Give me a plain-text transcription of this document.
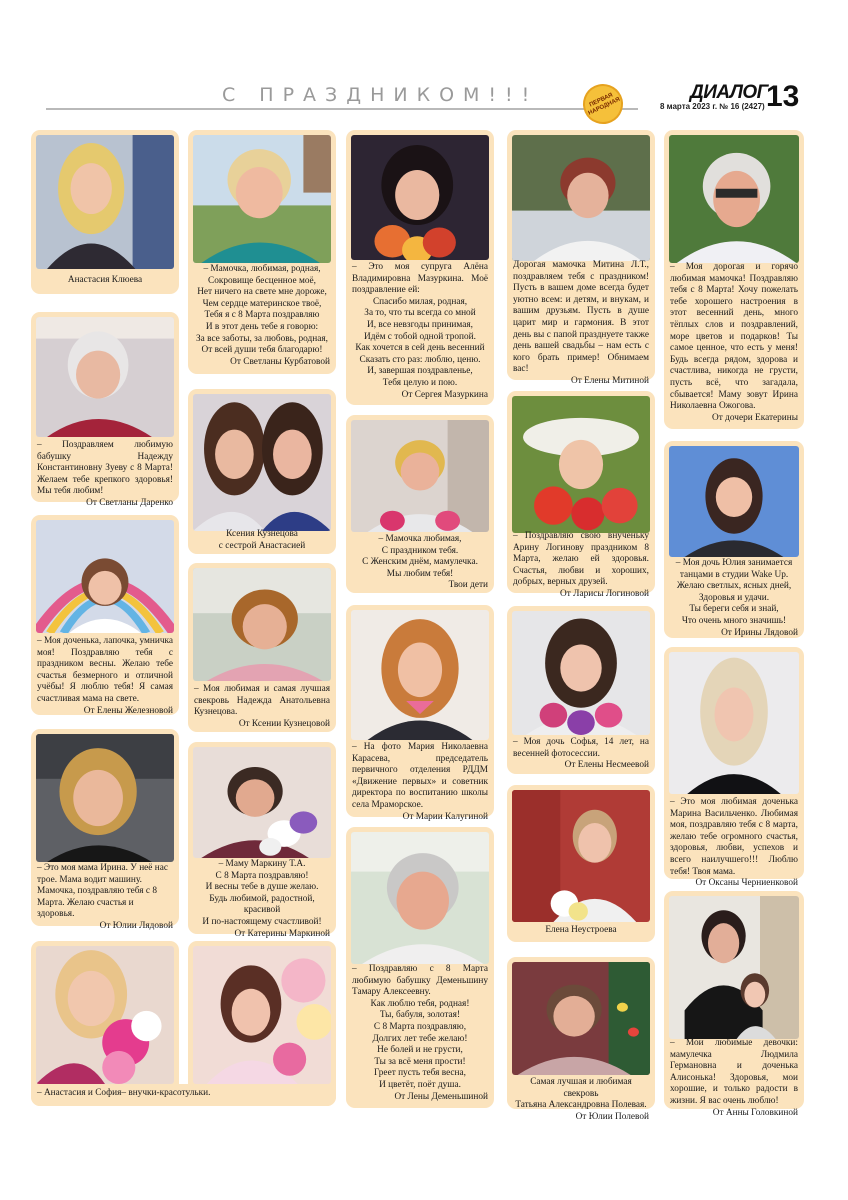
С ПРАЗДНИКОМ!!!	ПЕРВАЯ НАРОДНАЯ
ДИАЛОГ
8 марта 2023 г. № 16 (2427) 13

Анастасия Клюева

– Поздравляем любимую бабушку Надежду Константиновну Зуеву с 8 Марта! Желаем тебе крепкого здоровья! Мы тебя любим!

От Светланы Даренко

– Моя доченька, лапочка, умничка моя! Поздравляю тебя с праздником весны. Желаю тебе счастья безмерного и отличной учёбы! Я люблю тебя! Я самая счастливая мама на свете.

От Елены Железновой

– Это моя мама Ирина. У неё нас трое. Мама водит машину. Мамочка, поздравляю тебя с 8 Марта. Желаю счастья и здоровья.

От Юлии Лядовой

– Мамочка, любимая, родная,
Сокровище бесценное моё,
Нет ничего на свете мне дороже,
Чем сердце материнское твоё,
Тебя я с 8 Марта поздравляю
И в этот день тебе я говорю:
За все заботы, за любовь, родная,
От всей души тебя благодарю!

От Светланы Курбатовой

Ксения Кузнецова
с сестрой Анастасией

– Моя любимая и самая лучшая свекровь Надежда Анатольевна Кузнецова.

От Ксении Кузнецовой

– Маму Маркину Т.А.
С 8 Марта поздравляю!
И весны тебе в душе желаю.
Будь любимой, радостной, красивой
И по-настоящему счастливой!

От Катерины Маркиной

– Это моя супруга Алёна Владимировна Мазуркина. Моё поздравление ей:

Спасибо милая, родная,
За то, что ты всегда со мной
И, все невзгоды принимая,
Идём с тобой одной тропой.
Как хочется в сей день весенний
Сказать сто раз: люблю, ценю.
И, завершая поздравленье,
Тебя целую и пою.

От Сергея Мазуркина

– Мамочка любимая,
С праздником тебя.
С Женским днём, мамулечка.
Мы любим тебя!

Твои дети

– На фото Мария Николаевна Карасева, председатель первичного отделения РДДМ «Движение первых» и советник директора по воспитанию школы села Мраморское.

От Марии Калугиной

– Поздравляю с 8 Марта любимую бабушку Деменьшину Тамару Алексеевну.

Как люблю тебя, родная!
Ты, бабуля, золотая!
С 8 Марта поздравляю,
Долгих лет тебе желаю!
Не болей и не грусти,
Ты за всё меня прости!
Греет пусть тебя весна,
И цветёт, поёт душа.

От Лены Деменьшиной

Дорогая мамочка Митина Л.Т., поздравляем тебя с праздником! Пусть в вашем доме всегда будет уютно всем: и детям, и внукам, и вашим друзьям. Пусть в душе царит мир и гармония. В этот день вы с папой празднуете также день вашей свадьбы – нам есть с кого брать пример! Обнимаем вас!

От Елены Митиной

– Поздравляю свою внученьку Арину Логинову праздником 8 Марта, желаю ей здоровья. Счастья, любви и хороших, добрых, верных друзей.

От Ларисы Логиновой

– Моя дочь Софья, 14 лет, на весенней фотосессии.

От Елены Несмеевой

Елена Неустроева

Самая лучшая и любимая свекровь
Татьяна Александровна Полевая.

От Юлии Полевой

– Моя дорогая и горячо любимая мамочка! Поздравляю тебя с 8 Марта! Хочу пожелать тебе хорошего настроения в этот весенний день, много тёплых слов и поздравлений, море цветов и подарков! Ты самое ценное, что есть у меня! Будь всегда рядом, здорова и счастлива, никогда не грусти, пусть всё, что загадала, сбывается! Маму зовут Ирина Николаевна Ожогова.

От дочери Екатерины

– Моя дочь Юлия занимается
танцами в студии Wake Up.
Желаю светлых, ясных дней,
Здоровья и удачи.
Ты береги себя и знай,
Что очень много значишь!

От Ирины Лядовой

– Это моя любимая доченька Марина Васильченко. Любимая моя, поздравляю тебя с 8 марта, желаю тебе огромного счастья, здоровья, любви, успехов и всего наилучшего!!! Люблю тебя! Твоя мама.

От Оксаны Черниенковой

– Мои любимые девочки: мамулечка Людмила Германовна и доченька Алисонька! Здоровья, мои хорошие, и только радости в жизни. Я вас очень люблю!

От Анны Головкиной

– Анастасия и София– внучки-красотульки.
